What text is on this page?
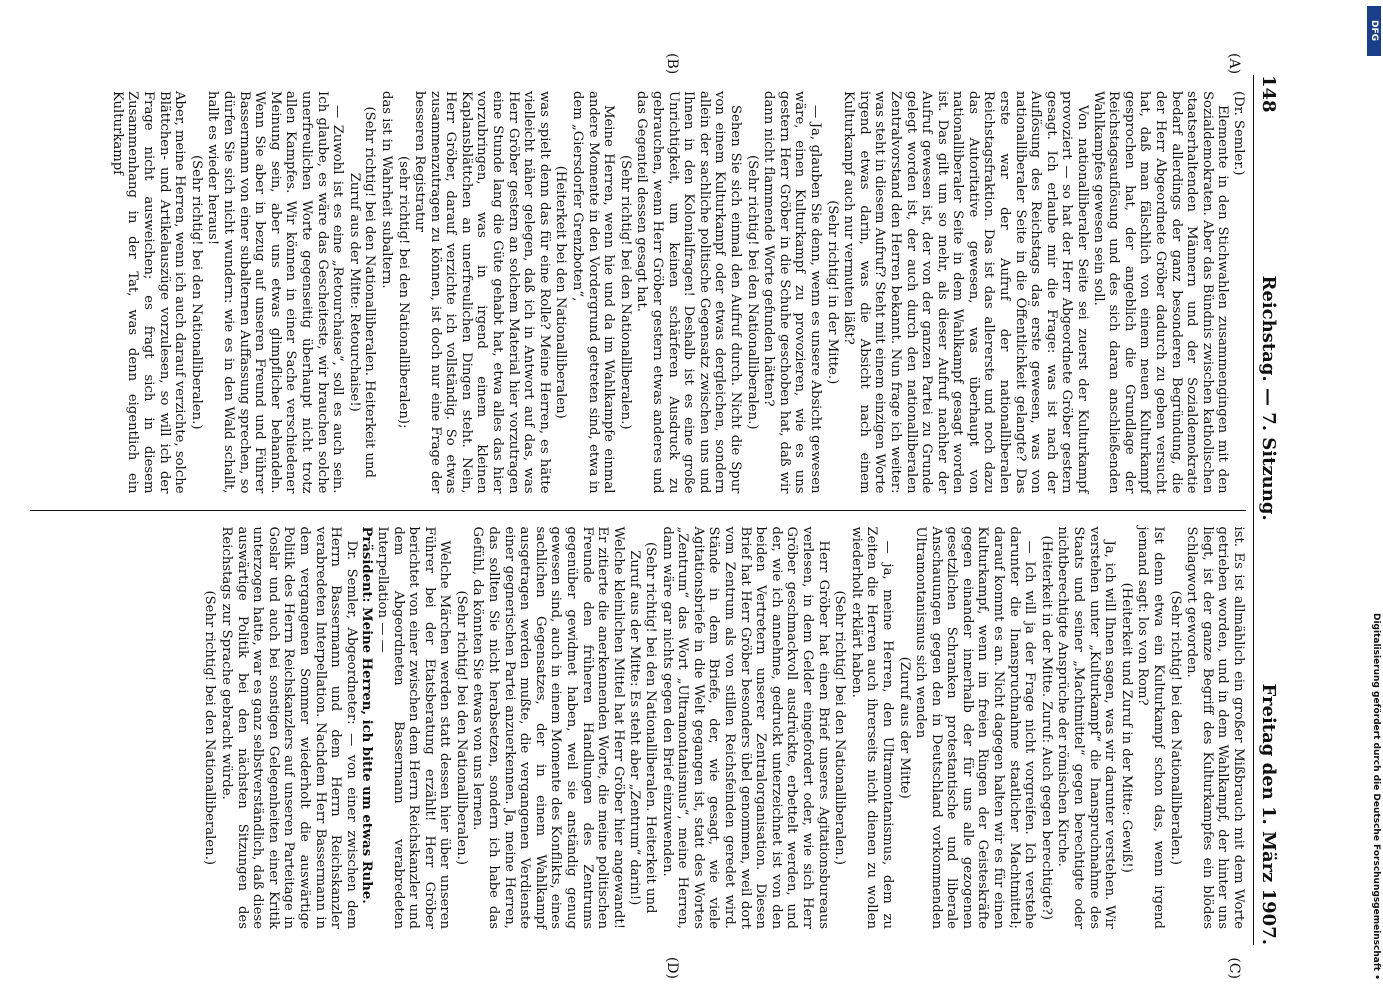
148
Reichstag. — 7. Sitzung.
Freitag den 1. März 1907.
(A)
(B)
(C)
(D)

(Dr. Semler.)

Elemente in den Stichwahlen zusammengingen mit den Sozialdemokraten. Aber das Bündnis zwischen katholischen staatserhaltenden Männern und der Sozialdemokratie bedarf allerdings der ganz besonderen Begründung, die der Herr Abgeordnete Gröber dadurch zu geben versucht hat, daß man fälschlich von einem neuen Kulturkampf gesprochen hat, der angeblich die Grundlage der Reichstagsauflösung und des sich daran anschließenden Wahlkampfes gewesen sein soll.

Von nationalliberaler Seite sei zuerst der Kulturkampf provoziert — so hat der Herr Abgeordnete Gröber gestern gesagt. Ich erlaube mir die Frage: was ist nach der Auflösung des Reichstags das erste gewesen, was von nationalliberaler Seite in die Öffentlichkeit gelangte? Das erste war der Aufruf der nationalliberalen Reichstagsfraktion. Das ist das allererste und noch dazu das Autoritative gewesen, was überhaupt von nationalliberaler Seite in dem Wahlkampf gesagt worden ist. Das gilt um so mehr, als dieser Aufruf nachher der Aufruf gewesen ist, der von der ganzen Partei zu Grunde gelegt worden ist, der auch durch den nationalliberalen Zentralvorstand den Herren bekannt. Nun frage ich weiter: was steht in diesem Aufruf? Steht mit einem einzigen Worte irgend etwas darin, was die Absicht nach einem Kulturkampf auch nur vermuten läßt?

(Sehr richtig! in der Mitte.)

— Ja, glauben Sie denn, wenn es unsere Absicht gewesen wäre, einen Kulturkampf zu provozieren, wie es uns gestern Herr Gröber in die Schuhe geschoben hat, daß wir dann nicht flammende Worte gefunden hätten?

(Sehr richtig! bei den Nationalliberalen.)

Sehen Sie sich einmal den Aufruf durch. Nicht die Spur von einem Kulturkampf oder etwas dergleichen, sondern allein der sachliche politische Gegensatz zwischen uns und Ihnen in den Kolonialfragen! Deshalb ist es eine große Unrichtigkeit, um keinen schärferen Ausdruck zu gebrauchen, wenn Herr Gröber gestern etwas anderes und das Gegenteil dessen gesagt hat.

(Sehr richtig! bei den Nationalliberalen.)

Meine Herren, wenn hie und da im Wahlkampfe einmal andere Momente in den Vordergrund getreten sind, etwa in dem „Giersdorfer Grenzboten“,

(Heiterkeit bei den Nationalliberalen)

was spielt denn das für eine Rolle? Meine Herren, es hätte vielleicht näher gelegen, daß ich in Antwort auf das, was Herr Gröber gestern an solchem Material hier vorzutragen eine Stunde lang die Güte gehabt hat, etwa alles das hier vorzubringen, was in irgend einem kleinen Kaplansblättchen an unerfreulichen Dingen steht. Nein, Herr Gröber, darauf verzichte ich vollständig. So etwas zusammenzutragen zu können, ist doch nur eine Frage der besseren Registratur

(sehr richtig! bei den Nationalliberalen);

das ist in Wahrheit subaltern.

(Sehr richtig! bei den Nationalliberalen. Heiterkeit und Zuruf aus der Mitte: Retourchaise!)

— Zuwohl ist es eine „Retourchaise“, soll es auch sein. Ich glaube, es wäre das Gescheiteste, wir brauchen solche unerfreulichen Worte gegenseitig überhaupt nicht trotz allen Kampfes. Wir können in einer Sache verschiedener Meinung sein, aber uns etwas glimpflicher behandeln. Wenn Sie aber in bezug auf unseren Freund und Führer Bassermann von einer subalternen Auffassung sprechen, so dürfen Sie sich nicht wundern: wie es in den Wald schallt, hallt es wieder heraus!

(Sehr richtig! bei den Nationalliberalen.)

Aber, meine Herren, wenn ich auch darauf verzichte, solche Blättchen- und Artikelauszüge vorzulesen, so will ich der Frage nicht ausweichen; es fragt sich in diesem Zusammenhang in der Tat, was denn eigentlich ein Kulturkampf

ist. Es ist allmählich ein großer Mißbrauch mit dem Worte getrieben worden, und in dem Wahlkampf, der hinter uns liegt, ist der ganze Begriff des Kulturkampfes ein blödes Schlagwort geworden.

(Sehr richtig! bei den Nationalliberalen.)

Ist denn etwa ein Kulturkampf schon das, wenn irgend jemand sagt: los von Rom?

(Heiterkeit und Zuruf in der Mitte: Gewiß!)

Ja, ich will Ihnen sagen, was wir darunter verstehen. Wir verstehen unter „Kulturkampf“ die Inanspruchnahme des Staats und seiner „Machtmittel“ gegen berechtigte oder nichtberechtigte Ansprüche der römischen Kirche.

(Heiterkeit in der Mitte. Zuruf: Auch gegen berechtigte?)

— Ich will ja der Frage nicht vorgreifen. Ich verstehe darunter die Inanspruchnahme staatlicher Machtmittel; darauf kommt es an. Nicht dagegen halten wir es für einen Kulturkampf, wenn im freien Ringen der Geisteskräfte gegen einander innerhalb der für uns alle gezogenen gesetzlichen Schranken protestantische und liberale Anschauungen gegen den in Deutschland vorkommenden Ultramontanismus sich wenden

(Zuruf aus der Mitte)

— ja, meine Herren, den Ultramontanismus, dem zu Zeiten die Herren auch ihrerseits nicht dienen zu wollen wiederholt erklärt haben.

(Sehr richtig! bei den Nationalliberalen.)

Herr Gröber hat einen Brief unseres Agitationsbureaus verlesen, in dem Gelder eingefordert oder, wie sich Herr Gröber geschmackvoll ausdrückte, erbettelt werden, und der, wie ich annehme, gedruckt unterzeichnet ist von den beiden Vertretern unserer Zentralorganisation. Diesen Brief hat Herr Gröber besonders übel genommen, weil dort vom Zentrum als von stillen Reichsfeinden geredet wird. Stände in dem Briefe, der, wie gesagt, wie viele Agitationsbriefe in die Welt gegangen ist, statt des Wortes „Zentrum“ das Wort „Ultramontanismus“, meine Herren, dann wäre gar nichts gegen den Brief einzuwenden.

(Sehr richtig! bei den Nationalliberalen. Heiterkeit und Zuruf aus der Mitte: Es steht aber „Zentrum“ darin!)

Welche kleinlichen Mittel hat Herr Gröber hier angewandt! Er zitierte die anerkennenden Worte, die meine politischen Freunde den früheren Handlungen des Zentrums gegenüber gewidmet haben, weil sie anständig genug gewesen sind, auch in einem Momente des Konflikts, eines sachlichen Gegensatzes, der in einem Wahlkampf ausgetragen werden mußte, die vergangenen Verdienste einer gegnerischen Partei anzuerkennen. Ja, meine Herren, das sollten Sie nicht herabsetzen, sondern ich habe das Gefühl, da könnten Sie etwas von uns lernen.

(Sehr richtig! bei den Nationalliberalen.)

Welche Märchen werden statt dessen hier über unseren Führer bei der Etatsberatung erzählt! Herr Gröber berichtet von einer zwischen dem Herrn Reichskanzler und dem Abgeordneten Bassermann verabredeten Interpellation — —

Präsident: Meine Herren, ich bitte um etwas Ruhe.

Dr. Semler, Abgeordneter: — von einer zwischen dem Herrn Bassermann und dem Herrn Reichskanzler verabredeten Interpellation. Nachdem Herr Bassermann in dem vergangenen Sommer wiederholt die auswärtige Politik des Herrn Reichskanzlers auf unseren Parteitage in Goslar und auch bei sonstigen Gelegenheiten einer Kritik unterzogen hatte, war es ganz selbstverständlich, daß diese auswärtige Politik bei den nächsten Sitzungen des Reichstags zur Sprache gebracht würde.

(Sehr richtig! bei den Nationalliberalen.)	Digitalisierung gefördert durch die Deutsche Forschungsgemeinschaft •
DFG
